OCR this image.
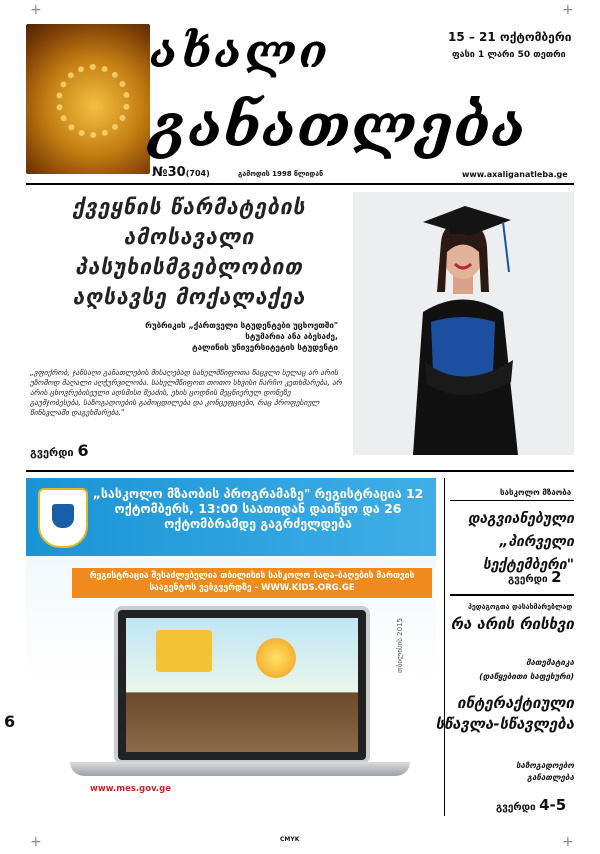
+	+
+	+
ახალი
განათლება
15 – 21 ოქტომბერი
ფასი 1 ლარი 50 თეთრი
№30(704)	გამოდის 1998 წლიდან	www.axaliganatleba.ge
ქვეყნის წარმატების ამოსავალი პასუხისმგებლობით აღსავსე მოქალაქეა
რუბრიკის „ქართველი სტუდენტები უცხოეთში"
სტუმარია ანა აბესაძე,
ტალინის უნივერსიტეტის სტუდენტი
„ვფიქრობ, ჯანსაღი განათლების მისაღებად სახელმწიფოთა წაცვლი სულაც არ არის უზომოდ მაღალი აღჭურვილობა. სახელმწიფოთ თოთო სხვისი ჩარჩო კეთხმარება, არ არის ცხოვრებისეული ადსმისი შეაძის, ეხის ცოდნის მეცნიერულ დონეზე გაუმჯობესება, საზოგადოების გამოცდილება და კონცეფციები, რაც პროფესიულ წინსვლაში დაგეხმარება."
გვერდი 6
„სასკოლო მზაობის პროგრამაზე" რეგისტრაცია 12 ოქტომბერს, 13:00 საათიდან დაიწყო და 26 ოქტომბრამდე გაგრძელდება
რეგისტრაცია შესაძლებელია თბილისის სასკოლო ბაღა-ბაღების მართვის სააგენტოს ვებგვერდზე - WWW.KIDS.ORG.GE
თბილისის 2015
www.mes.gov.ge
6
სასკოლო მზაობა
დაგვიანებული „პირველი სექტემბერი"
გვერდი 2
პედაგოგთა დასახმარებლად
რა არის რისხვი
მათემატიკა
(დაწყებითი საფეხური)
ინტერაქტიული სწავლა-სწავლება
საზოგადოებო განათლება
გვერდი 4-5
CMYK
